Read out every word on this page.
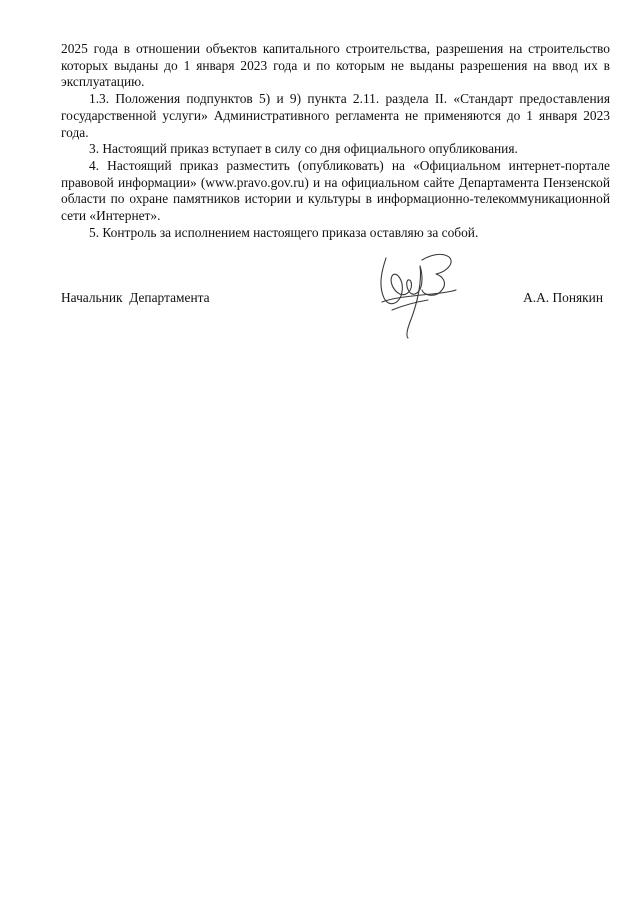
2025 года в отношении объектов капитального строительства, разрешения на строительство которых выданы до 1 января 2023 года и по которым не выданы разрешения на ввод их в эксплуатацию.

1.3. Положения подпунктов 5) и 9) пункта 2.11. раздела II. «Стандарт предоставления государственной услуги» Административного регламента не применяются до 1 января 2023 года.

3. Настоящий приказ вступает в силу со дня официального опубликования.

4. Настоящий приказ разместить (опубликовать) на «Официальном интернет-портале правовой информации» (www.pravo.gov.ru) и на официальном сайте Департамента Пензенской области по охране памятников истории и культуры в информационно-телекоммуникационной сети «Интернет».

5. Контроль за исполнением настоящего приказа оставляю за собой.

Начальник  Департамента	А.А. Понякин
